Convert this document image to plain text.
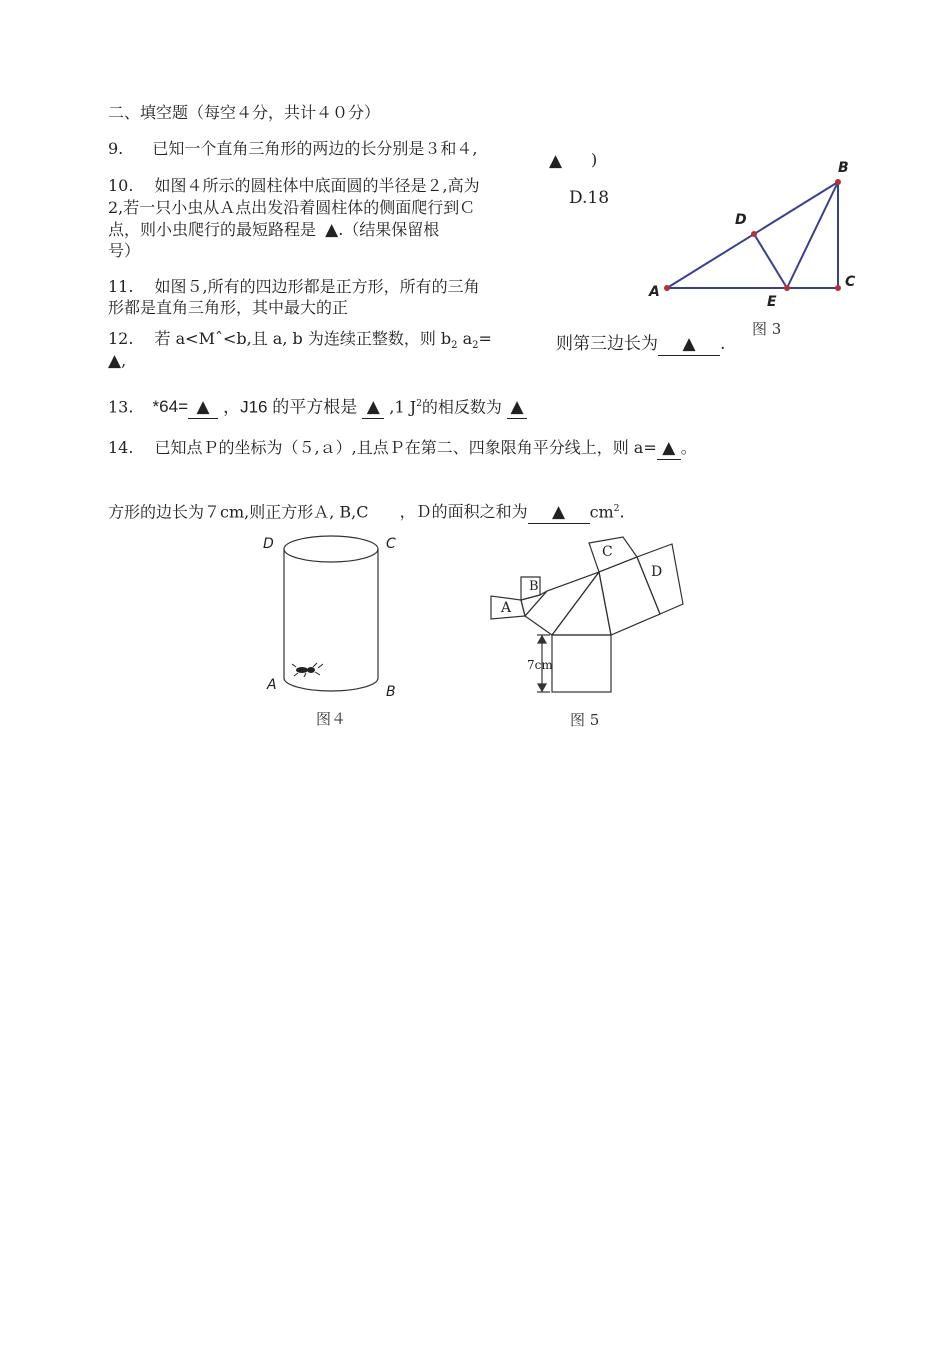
二、填空题（每空４分，共计４０分）
9. 已知一个直角三角形的两边的长分别是３和４,
▲ )
D.18
10. 如图４所示的圆柱体中底面圆的半径是２,高为
2,若一只小虫从Ａ点出发沿着圆柱体的侧面爬行到Ｃ
点，则小虫爬行的最短路程是 ▲.（结果保留根
号）
11. 如图５,所有的四边形都是正方形，所有的三角
形都是直角三角形，其中最大的正
则第三边长为 ▲ .
12. 若 a<Mˆ<b,且 a, b 为连续正整数，则 $b_2$ $a_2=$
▲,
13. *64= ▲ ，J16 的平方根是 ▲ ,1 $J^2$的相反数为 ▲
14. 已知点Ｐ的坐标为（５,ａ）,且点Ｐ在第二、四象限角平分线上，则 a= ▲ 。
方形的边长为７cm,则正方形Ａ, B,C ，Ｄ的面积之和为 ▲ $cm^2$.
A
B
C
D
E
图 3
D	C
A	B
图４
A
B
C
D
7cm
图 5
